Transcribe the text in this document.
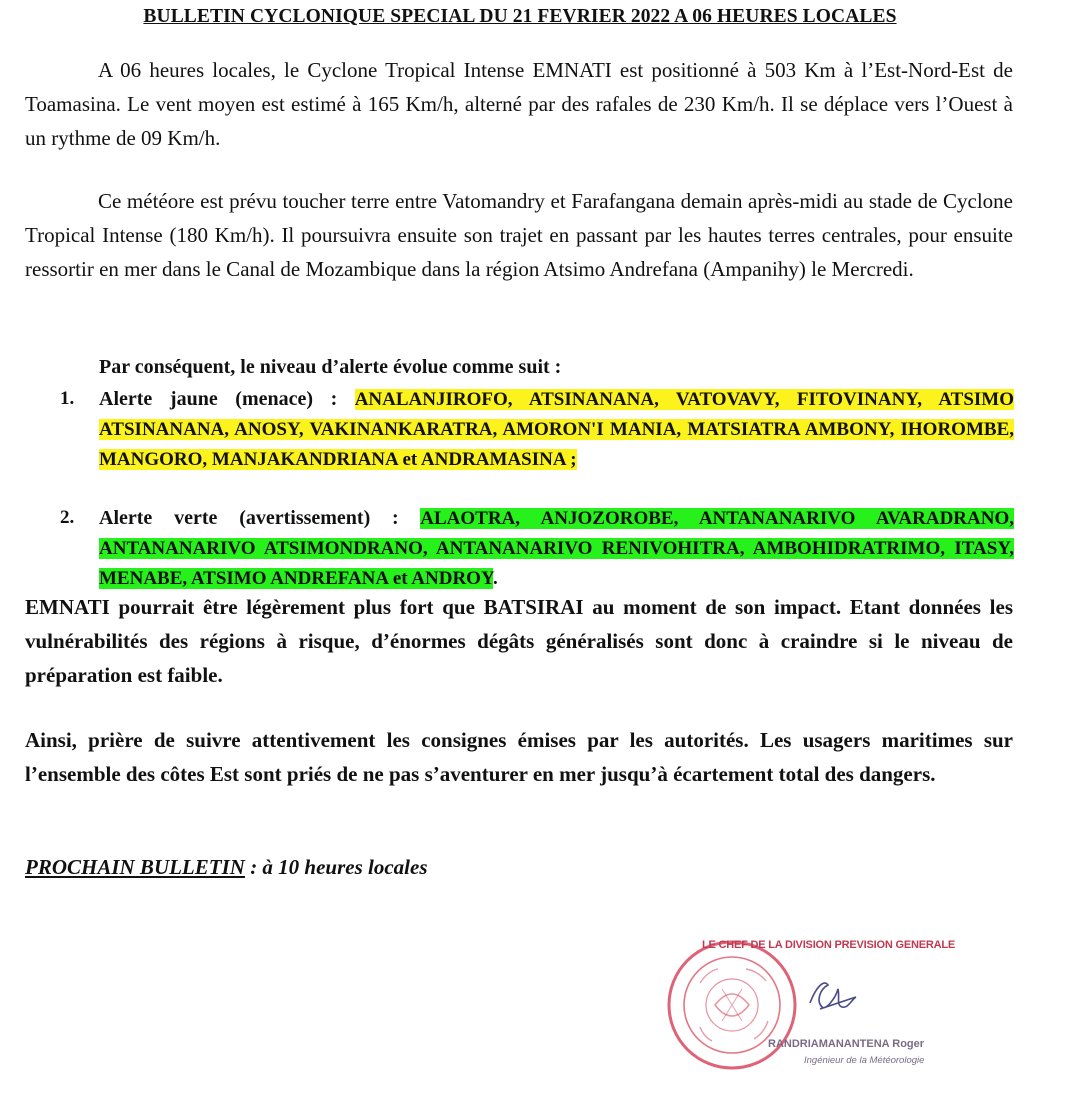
BULLETIN CYCLONIQUE SPECIAL DU 21 FEVRIER 2022 A 06 HEURES LOCALES
A 06 heures locales, le Cyclone Tropical Intense EMNATI est positionné à 503 Km à l’Est-Nord-Est de Toamasina. Le vent moyen est estimé à 165 Km/h, alterné par des rafales de 230 Km/h. Il se déplace vers l’Ouest à un rythme de 09 Km/h.
Ce météore est prévu toucher terre entre Vatomandry et Farafangana demain après-midi au stade de Cyclone Tropical Intense (180 Km/h). Il poursuivra ensuite son trajet en passant par les hautes terres centrales, pour ensuite ressortir en mer dans le Canal de Mozambique dans la région Atsimo Andrefana (Ampanihy) le Mercredi.
Par conséquent, le niveau d’alerte évolue comme suit :
1. Alerte jaune (menace) : ANALANJIROFO, ATSINANANA, VATOVAVY, FITOVINANY, ATSIMO ATSINANANA, ANOSY, VAKINANKARATRA, AMORON'I MANIA, MATSIATRA AMBONY, IHOROMBE, MANGORO, MANJAKANDRIANA et ANDRAMASINA ;
2. Alerte verte (avertissement) : ALAOTRA, ANJOZOROBE, ANTANANARIVO AVARADRANO, ANTANANARIVO ATSIMONDRANO, ANTANANARIVO RENIVOHITRA, AMBOHIDRATRIMO, ITASY, MENABE, ATSIMO ANDREFANA et ANDROY.
EMNATI pourrait être légèrement plus fort que BATSIRAI au moment de son impact. Etant données les vulnérabilités des régions à risque, d’énormes dégâts généralisés sont donc à craindre si le niveau de préparation est faible.
Ainsi, prière de suivre attentivement les consignes émises par les autorités. Les usagers maritimes sur l’ensemble des côtes Est sont priés de ne pas s’aventurer en mer jusqu’à écartement total des dangers.
PROCHAIN BULLETIN : à 10 heures locales
LE CHEF DE LA DIVISION PREVISION GENERALE
RANDRIAMANANTENA Roger
Ingénieur de la Météorologie
